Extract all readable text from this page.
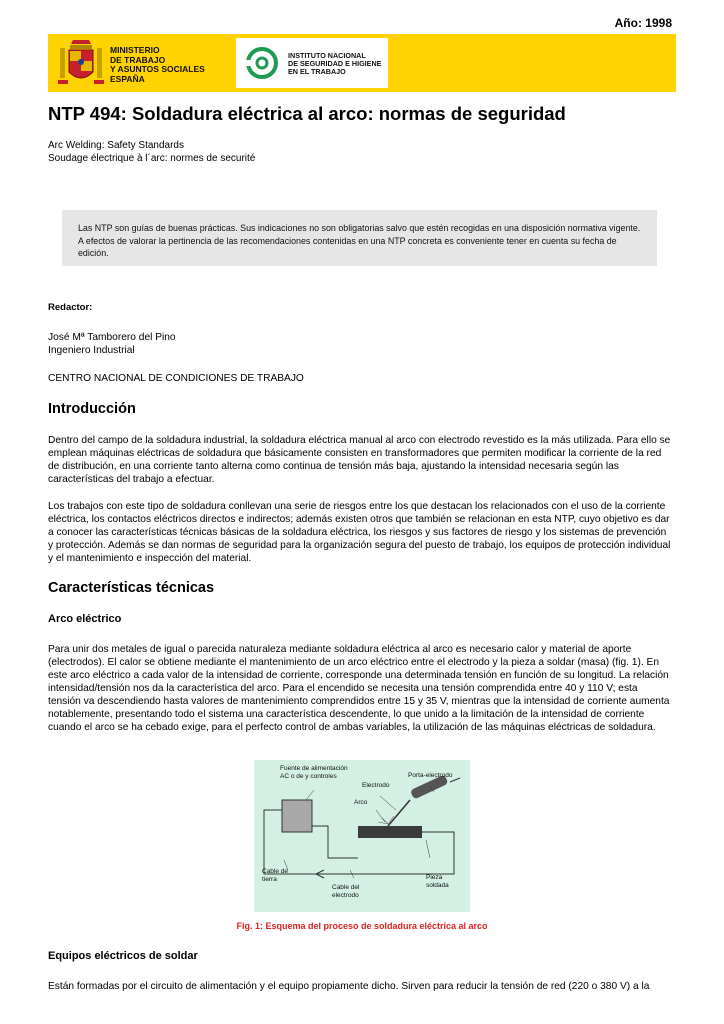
Año: 1998
MINISTERIO
DE TRABAJO
Y ASUNTOS SOCIALES
ESPAÑA
INSTITUTO NACIONAL
DE SEGURIDAD E HIGIENE
EN EL TRABAJO
NTP 494: Soldadura eléctrica al arco: normas de seguridad
Arc Welding: Safety Standards
Soudage électrique à l´arc: normes de securité
Las NTP son guías de buenas prácticas. Sus indicaciones no son obligatorias salvo que estén recogidas en una disposición normativa vigente. A efectos de valorar la pertinencia de las recomendaciones contenidas en una NTP concreta es conveniente tener en cuenta su fecha de edición.
Redactor:
José Mª Tamborero del Pino
Ingeniero Industrial
CENTRO NACIONAL DE CONDICIONES DE TRABAJO
Introducción
Dentro del campo de la soldadura industrial, la soldadura eléctrica manual al arco con electrodo revestido es la más utilizada. Para ello se emplean máquinas eléctricas de soldadura que básicamente consisten en transformadores que permiten modificar la corriente de la red de distribución, en una corriente tanto alterna como continua de tensión más baja, ajustando la intensidad necesaria según las características del trabajo a efectuar.
Los trabajos con este tipo de soldadura conllevan una serie de riesgos entre los que destacan los relacionados con el uso de la corriente eléctrica, los contactos eléctricos directos e indirectos; además existen otros que también se relacionan en esta NTP, cuyo objetivo es dar a conocer las características técnicas básicas de la soldadura eléctrica, los riesgos y sus factores de riesgo y los sistemas de prevención y protección. Además se dan normas de seguridad para la organización segura del puesto de trabajo, los equipos de protección individual y el mantenimiento e inspección del material.
Características técnicas
Arco eléctrico
Para unir dos metales de igual o parecida naturaleza mediante soldadura eléctrica al arco es necesario calor y material de aporte (electrodos). El calor se obtiene mediante el mantenimiento de un arco eléctrico entre el electrodo y la pieza a soldar (masa) (fig. 1). En este arco eléctrico a cada valor de la intensidad de corriente, corresponde una determinada tensión en función de su longitud. La relación intensidad/tensión nos da la característica del arco. Para el encendido se necesita una tensión comprendida entre 40 y 110 V; esta tensión va descendiendo hasta valores de mantenimiento comprendidos entre 15 y 35 V, mientras que la intensidad de corriente aumenta notablemente, presentando todo el sistema una característica descendente, lo que unido a la limitación de la intensidad de corriente cuando el arco se ha cebado exige, para el perfecto control de ambas variables, la utilización de las máquinas eléctricas de soldadura.
Fuente de alimentación
AC o de y controles
Electrodo
Porta-electrodo
Arco
Cable de
tierra
Cable del
electrodo
Pieza
soldada
Fig. 1: Esquema del proceso de soldadura eléctrica al arco
Equipos eléctricos de soldar
Están formadas por el circuito de alimentación y el equipo propiamente dicho. Sirven para reducir la tensión de red (220 o 380 V) a la
